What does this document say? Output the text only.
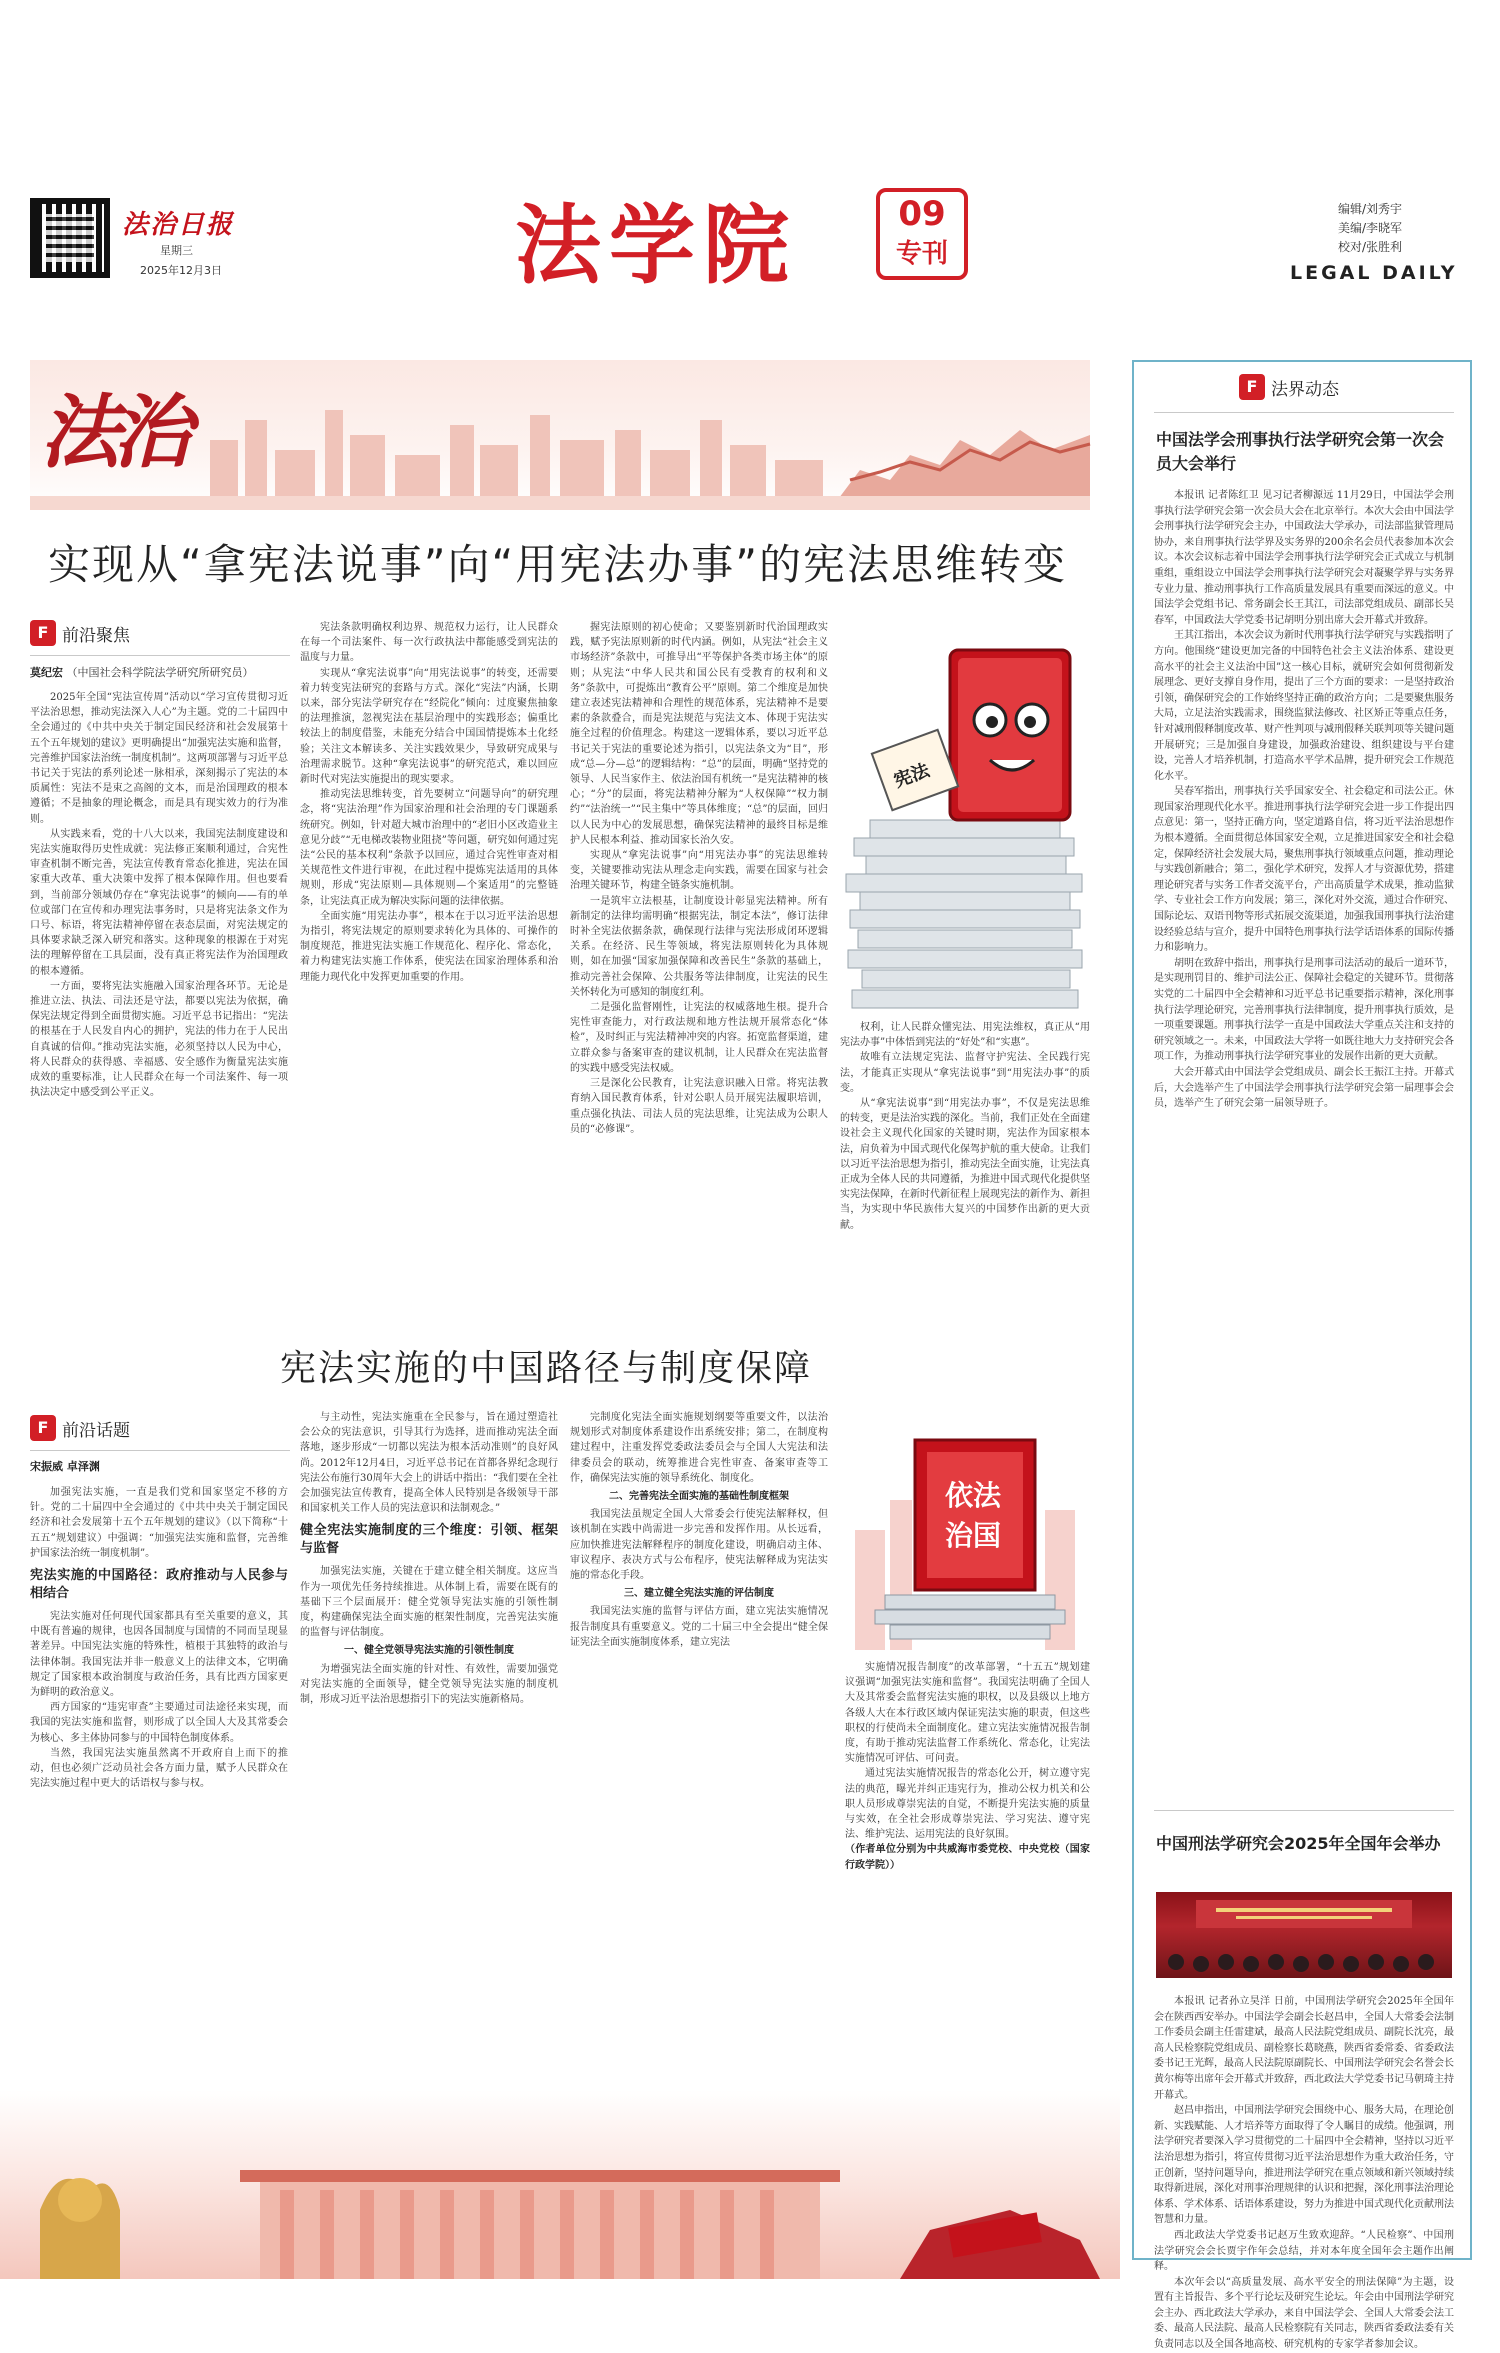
法治日报
星期三
2025年12月3日	法学院	09
专刊
编辑/刘秀宇
美编/李晓军
校对/张胜利
LEGAL DAILY
法治
实现从“拿宪法说事”向“用宪法办事”的宪法思维转变
F 前沿聚焦
莫纪宏 （中国社会科学院法学研究所研究员）

2025年全国“宪法宣传周”活动以“学习宣传贯彻习近平法治思想，推动宪法深入人心”为主题。党的二十届四中全会通过的《中共中央关于制定国民经济和社会发展第十五个五年规划的建议》更明确提出“加强宪法实施和监督，完善维护国家法治统一制度机制”。这两项部署与习近平总书记关于宪法的系列论述一脉相承，深刻揭示了宪法的本质属性：宪法不是束之高阁的文本，而是治国理政的根本遵循；不是抽象的理论概念，而是具有现实效力的行为准则。

从实践来看，党的十八大以来，我国宪法制度建设和宪法实施取得历史性成就：宪法修正案顺利通过，合宪性审查机制不断完善，宪法宣传教育常态化推进，宪法在国家重大改革、重大决策中发挥了根本保障作用。但也要看到，当前部分领域仍存在“拿宪法说事”的倾向——有的单位或部门在宣传和办理宪法事务时，只是将宪法条文作为口号、标语，将宪法精神停留在表态层面，对宪法规定的具体要求缺乏深入研究和落实。这种现象的根源在于对宪法的理解停留在工具层面，没有真正将宪法作为治国理政的根本遵循。

一方面，要将宪法实施融入国家治理各环节。无论是推进立法、执法、司法还是守法，都要以宪法为依据，确保宪法规定得到全面贯彻实施。习近平总书记指出：“宪法的根基在于人民发自内心的拥护，宪法的伟力在于人民出自真诚的信仰。”推动宪法实施，必须坚持以人民为中心，将人民群众的获得感、幸福感、安全感作为衡量宪法实施成效的重要标准，让人民群众在每一个司法案件、每一项执法决定中感受到公平正义。

宪法条款明确权利边界、规范权力运行，让人民群众在每一个司法案件、每一次行政执法中都能感受到宪法的温度与力量。

实现从“拿宪法说事”向“用宪法说事”的转变，还需要着力转变宪法研究的套路与方式。深化“宪法”内涵，长期以来，部分宪法学研究存在“经院化”倾向：过度聚焦抽象的法理推演，忽视宪法在基层治理中的实践形态；偏重比较法上的制度借鉴，未能充分结合中国国情提炼本土化经验；关注文本解读多、关注实践效果少，导致研究成果与治理需求脱节。这种“拿宪法说事”的研究范式，难以回应新时代对宪法实施提出的现实要求。

推动宪法思维转变，首先要树立“问题导向”的研究理念，将“宪法治理”作为国家治理和社会治理的专门课题系统研究。例如，针对超大城市治理中的“老旧小区改造业主意见分歧”“无电梯改装物业阻挠”等问题，研究如何通过宪法“公民的基本权利”条款予以回应，通过合宪性审查对相关规范性文件进行审视，在此过程中提炼宪法适用的具体规则，形成“宪法原则—具体规则—个案适用”的完整链条，让宪法真正成为解决实际问题的法律依据。

全面实施“用宪法办事”，根本在于以习近平法治思想为指引，将宪法规定的原则要求转化为具体的、可操作的制度规范，推进宪法实施工作规范化、程序化、常态化，着力构建宪法实施工作体系，使宪法在国家治理体系和治理能力现代化中发挥更加重要的作用。

握宪法原则的初心使命；又要鉴别新时代治国理政实践，赋予宪法原则新的时代内涵。例如，从宪法“社会主义市场经济”条款中，可推导出“平等保护各类市场主体”的原则；从宪法“中华人民共和国公民有受教育的权利和义务”条款中，可提炼出“教育公平”原则。第二个维度是加快建立表述宪法精神和合理性的规范体系，宪法精神不是要素的条款叠合，而是宪法规范与宪法文本、体现于宪法实施全过程的价值理念。构建这一逻辑体系，要以习近平总书记关于宪法的重要论述为指引，以宪法条文为“目”，形成“总—分—总”的逻辑结构：“总”的层面，明确“坚持党的领导、人民当家作主、依法治国有机统一”是宪法精神的核心；“分”的层面，将宪法精神分解为“人权保障”“权力制约”“法治统一”“民主集中”等具体维度；“总”的层面，回归以人民为中心的发展思想，确保宪法精神的最终目标是维护人民根本利益、推动国家长治久安。

实现从“拿宪法说事”向“用宪法办事”的宪法思维转变，关键要推动宪法从理念走向实践，需要在国家与社会治理关键环节，构建全链条实施机制。

一是筑牢立法根基，让制度设计彰显宪法精神。所有新制定的法律均需明确“根据宪法，制定本法”，修订法律时补全宪法依据条款，确保现行法律与宪法形成闭环逻辑关系。在经济、民生等领域，将宪法原则转化为具体规则，如在加强“国家加强保障和改善民生”条款的基础上，推动完善社会保障、公共服务等法律制度，让宪法的民生关怀转化为可感知的制度红利。

二是强化监督刚性，让宪法的权威落地生根。提升合宪性审查能力，对行政法规和地方性法规开展常态化“体检”，及时纠正与宪法精神冲突的内容。拓宽监督渠道，建立群众参与备案审查的建议机制，让人民群众在宪法监督的实践中感受宪法权威。

三是深化公民教育，让宪法意识融入日常。将宪法教育纳入国民教育体系，针对公职人员开展宪法履职培训，重点强化执法、司法人员的宪法思维，让宪法成为公职人员的“必修课”。

宪法

权利，让人民群众懂宪法、用宪法维权，真正从“用宪法办事”中体悟到宪法的“好处”和“实惠”。

故唯有立法规定宪法、监督守护宪法、全民践行宪法，才能真正实现从“拿宪法说事”到“用宪法办事”的质变。

从“拿宪法说事”到“用宪法办事”，不仅是宪法思维的转变，更是法治实践的深化。当前，我们正处在全面建设社会主义现代化国家的关键时期，宪法作为国家根本法，肩负着为中国式现代化保驾护航的重大使命。让我们以习近平法治思想为指引，推动宪法全面实施，让宪法真正成为全体人民的共同遵循，为推进中国式现代化提供坚实宪法保障，在新时代新征程上展现宪法的新作为、新担当，为实现中华民族伟大复兴的中国梦作出新的更大贡献。

宪法实施的中国路径与制度保障
F 前沿话题
宋振威 卓泽渊

加强宪法实施，一直是我们党和国家坚定不移的方针。党的二十届四中全会通过的《中共中央关于制定国民经济和社会发展第十五个五年规划的建议》（以下简称“十五五”规划建议）中强调：“加强宪法实施和监督，完善维护国家法治统一制度机制”。

宪法实施的中国路径：政府推动与人民参与相结合

宪法实施对任何现代国家都具有至关重要的意义，其中既有普遍的规律，也因各国制度与国情的不同而呈现显著差异。中国宪法实施的特殊性，植根于其独特的政治与法律体制。我国宪法并非一般意义上的法律文本，它明确规定了国家根本政治制度与政治任务，具有比西方国家更为鲜明的政治意义。

西方国家的“违宪审查”主要通过司法途径来实现，而我国的宪法实施和监督，则形成了以全国人大及其常委会为核心、多主体协同参与的中国特色制度体系。

当然，我国宪法实施虽然离不开政府自上而下的推动，但也必须广泛动员社会各方面力量，赋予人民群众在宪法实施过程中更大的话语权与参与权。

与主动性，宪法实施重在全民参与，旨在通过塑造社会公众的宪法意识，引导其行为选择，进而推动宪法全面落地，逐步形成“一切都以宪法为根本活动准则”的良好风尚。2012年12月4日，习近平总书记在首都各界纪念现行宪法公布施行30周年大会上的讲话中指出：“我们要在全社会加强宪法宣传教育，提高全体人民特别是各级领导干部和国家机关工作人员的宪法意识和法制观念。”

健全宪法实施制度的三个维度：引领、框架与监督

加强宪法实施，关键在于建立健全相关制度。这应当作为一项优先任务持续推进。从体制上看，需要在既有的基础下三个层面展开：健全党领导宪法实施的引领性制度，构建确保宪法全面实施的框架性制度，完善宪法实施的监督与评估制度。

一、健全党领导宪法实施的引领性制度

为增强宪法全面实施的针对性、有效性，需要加强党对宪法实施的全面领导，健全党领导宪法实施的制度机制，形成习近平法治思想指引下的宪法实施新格局。

完制度化宪法全面实施规划纲要等重要文件，以法治规划形式对制度体系建设作出系统安排；第二，在制度构建过程中，注重发挥党委政法委员会与全国人大宪法和法律委员会的联动，统筹推进合宪性审查、备案审查等工作，确保宪法实施的领导系统化、制度化。

二、完善宪法全面实施的基础性制度框架

我国宪法虽规定全国人大常委会行使宪法解释权，但该机制在实践中尚需进一步完善和发挥作用。从长远看，应加快推进宪法解释程序的制度化建设，明确启动主体、审议程序、表决方式与公布程序，使宪法解释成为宪法实施的常态化手段。

三、建立健全宪法实施的评估制度

我国宪法实施的监督与评估方面，建立宪法实施情况报告制度具有重要意义。党的二十届三中全会提出“健全保证宪法全面实施制度体系，建立宪法

依法
治国

实施情况报告制度”的改革部署，“十五五”规划建议强调“加强宪法实施和监督”。我国宪法明确了全国人大及其常委会监督宪法实施的职权，以及县级以上地方各级人大在本行政区域内保证宪法实施的职责，但这些职权的行使尚未全面制度化。建立宪法实施情况报告制度，有助于推动宪法监督工作系统化、常态化，让宪法实施情况可评估、可问责。

通过宪法实施情况报告的常态化公开，树立遵守宪法的典范，曝光并纠正违宪行为，推动公权力机关和公职人员形成尊崇宪法的自觉，不断提升宪法实施的质量与实效，在全社会形成尊崇宪法、学习宪法、遵守宪法、维护宪法、运用宪法的良好氛围。

（作者单位分别为中共威海市委党校、中央党校（国家行政学院））

F 法界动态
中国法学会刑事执行法学研究会第一次会员大会举行

本报讯 记者陈红卫 见习记者柳源远 11月29日，中国法学会刑事执行法学研究会第一次会员大会在北京举行。本次大会由中国法学会刑事执行法学研究会主办，中国政法大学承办，司法部监狱管理局协办，来自刑事执行法学界及实务界的200余名会员代表参加本次会议。本次会议标志着中国法学会刑事执行法学研究会正式成立与机制重组，重组设立中国法学会刑事执行法学研究会对凝聚学界与实务界专业力量、推动刑事执行工作高质量发展具有重要而深远的意义。中国法学会党组书记、常务副会长王其江，司法部党组成员、副部长吴春军，中国政法大学党委书记胡明分别出席大会开幕式并致辞。

王其江指出，本次会议为新时代刑事执行法学研究与实践指明了方向。他围绕“建设更加完备的中国特色社会主义法治体系、建设更高水平的社会主义法治中国”这一核心目标，就研究会如何贯彻新发展理念、更好支撑自身作用，提出了三个方面的要求：一是坚持政治引领，确保研究会的工作始终坚持正确的政治方向；二是要聚焦服务大局，立足法治实践需求，围绕监狱法修改、社区矫正等重点任务，针对减刑假释制度改革、财产性判项与减刑假释关联判项等关键问题开展研究；三是加强自身建设，加强政治建设、组织建设与平台建设，完善人才培养机制，打造高水平学术品牌，提升研究会工作规范化水平。

吴春军指出，刑事执行关乎国家安全、社会稳定和司法公正。休现国家治理现代化水平。推进刑事执行法学研究会进一步工作提出四点意见：第一，坚持正确方向，坚定道路自信，将习近平法治思想作为根本遵循。全面贯彻总体国家安全观，立足推进国家安全和社会稳定，保障经济社会发展大局，聚焦刑事执行领域重点问题，推动理论与实践创新融合；第二，强化学术研究，发挥人才与资源优势，搭建理论研究者与实务工作者交流平台，产出高质量学术成果，推动监狱学、专业社会工作方向发展；第三，深化对外交流，通过合作研究、国际论坛、双语刊物等形式拓展交流渠道，加强我国刑事执行法治建设经验总结与宣介，提升中国特色刑事执行法学话语体系的国际传播力和影响力。

胡明在致辞中指出，刑事执行是刑事司法活动的最后一道环节，是实现刑罚目的、维护司法公正、保障社会稳定的关键环节。贯彻落实党的二十届四中全会精神和习近平总书记重要指示精神，深化刑事执行法学理论研究，完善刑事执行法律制度，提升刑事执行质效，是一项重要课题。刑事执行法学一直是中国政法大学重点关注和支持的研究领域之一。未来，中国政法大学将一如既往地大力支持研究会各项工作，为推动刑事执行法学研究事业的发展作出新的更大贡献。

大会开幕式由中国法学会党组成员、副会长王振江主持。开幕式后，大会选举产生了中国法学会刑事执行法学研究会第一届理事会会员，选举产生了研究会第一届领导班子。

中国刑法学研究会2025年全国年会举办

本报讯 记者孙立昊洋 日前，中国刑法学研究会2025年全国年会在陕西西安举办。中国法学会副会长赵昌申，全国人大常委会法制工作委员会副主任雷建斌，最高人民法院党组成员、副院长沈亮，最高人民检察院党组成员、副检察长葛晓燕，陕西省委常委、省委政法委书记王光辉，最高人民法院原副院长、中国刑法学研究会名誉会长黄尔梅等出席年会开幕式并致辞，西北政法大学党委书记马朝琦主持开幕式。

赵昌申指出，中国刑法学研究会围绕中心、服务大局，在理论创新、实践赋能、人才培养等方面取得了令人瞩目的成绩。他强调，刑法学研究者要深入学习贯彻党的二十届四中全会精神，坚持以习近平法治思想为指引，将宣传贯彻习近平法治思想作为重大政治任务，守正创新，坚持问题导向，推进刑法学研究在重点领域和新兴领域持续取得新进展，深化对刑事治理规律的认识和把握，深化刑事法治理论体系、学术体系、话语体系建设，努力为推进中国式现代化贡献刑法智慧和力量。

西北政法大学党委书记赵万生致欢迎辞。“人民检察”、中国刑法学研究会会长贾宇作年会总结，并对本年度全国年会主题作出阐释。

本次年会以“高质量发展、高水平安全的刑法保障”为主题，设置有主旨报告、多个平行论坛及研究生论坛。年会由中国刑法学研究会主办、西北政法大学承办，来自中国法学会、全国人大常委会法工委、最高人民法院、最高人民检察院有关同志，陕西省委政法委有关负责同志以及全国各地高校、研究机构的专家学者参加会议。
